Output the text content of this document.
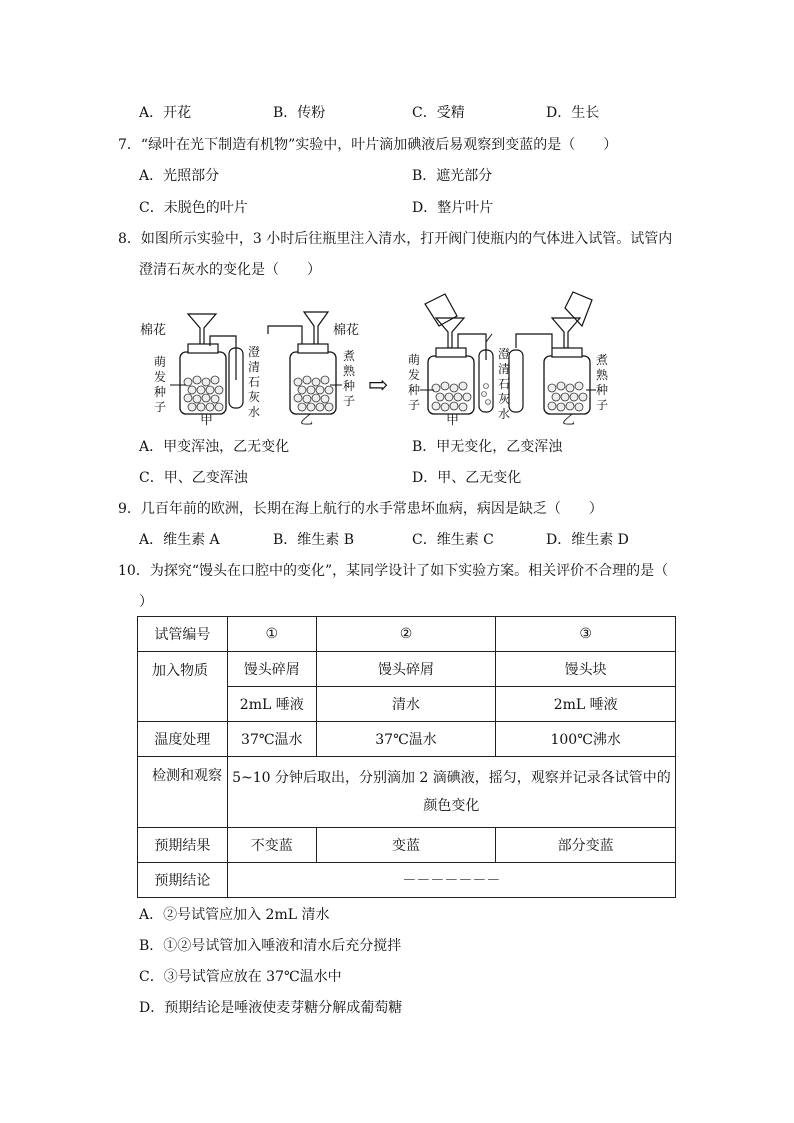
A．开花	B．传粉	C．受精	D．生长
7．“绿叶在光下制造有机物”实验中，叶片滴加碘液后易观察到变蓝的是（　　）
A．光照部分	B．遮光部分
C．未脱色的叶片	D．整片叶片
8．如图所示实验中，3 小时后往瓶里注入清水，打开阀门使瓶内的气体进入试管。试管内
澄清石灰水的变化是（　　）
棉花
萌发种子
甲
澄清石灰水
棉花
煮熟种子
乙
⇨
萌发种子
澄清石灰水
煮熟种子
甲	乙
A．甲变浑浊，乙无变化	B．甲无变化，乙变浑浊
C．甲、乙变浑浊	D．甲、乙无变化
9．几百年前的欧洲，长期在海上航行的水手常患坏血病，病因是缺乏（　　）
A．维生素 A	B．维生素 B	C．维生素 C	D．维生素 D
10．为探究“馒头在口腔中的变化”，某同学设计了如下实验方案。相关评价不合理的是（
）
试管编号	①	②	③
加入物质	馒头碎屑	馒头碎屑	馒头块
	2mL 唾液	清水	2mL 唾液
温度处理	37℃温水	37℃温水	100℃沸水
检测和观察	5~10 分钟后取出，分别滴加 2 滴碘液，摇匀，观察并记录各试管中的颜色变化		
预期结果	不变蓝	变蓝	部分变蓝
预期结论	－－－－－－－		
A．②号试管应加入 2mL 清水
B．①②号试管加入唾液和清水后充分搅拌
C．③号试管应放在 37℃温水中
D．预期结论是唾液使麦芽糖分解成葡萄糖
